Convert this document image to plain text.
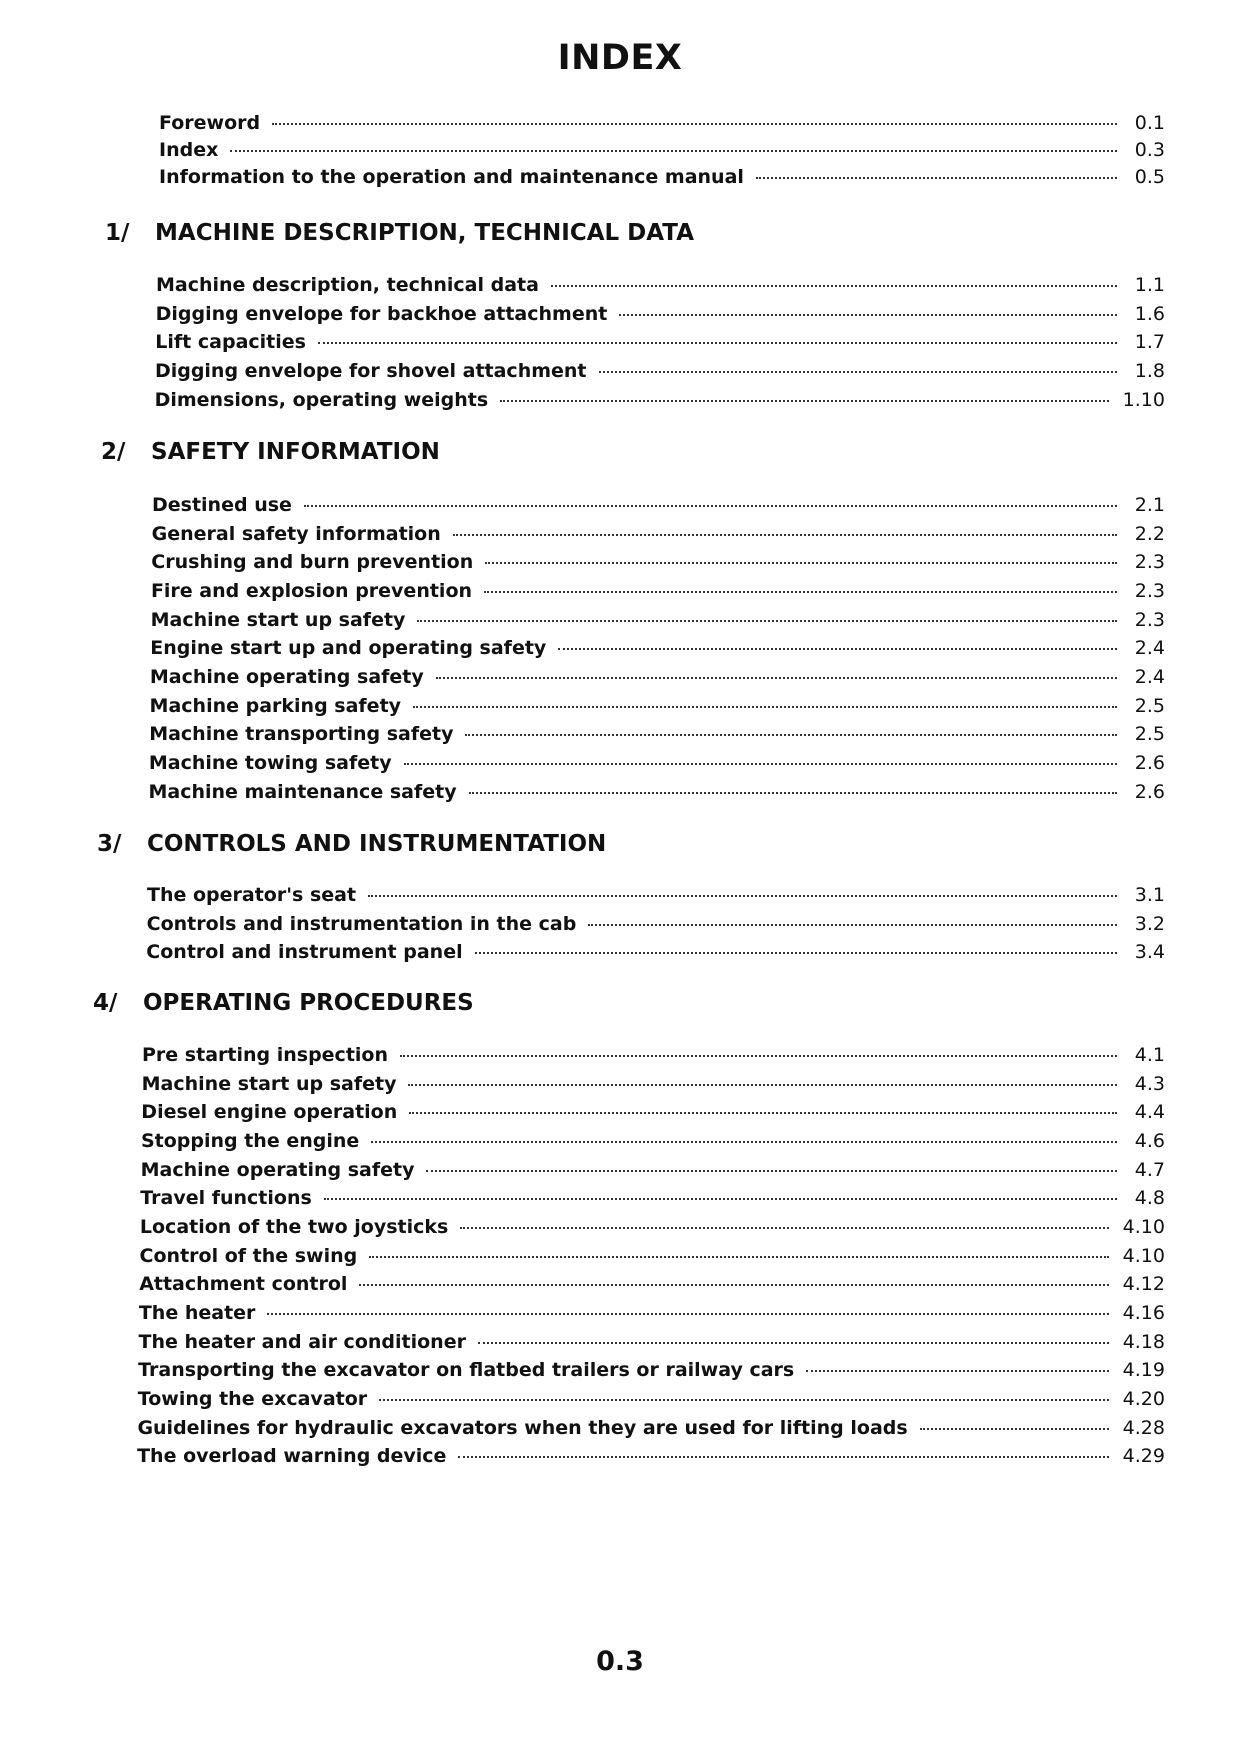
INDEX
Foreword	0.1
Index	0.3
Information to the operation and maintenance manual	0.5
1/	MACHINE DESCRIPTION, TECHNICAL DATA
Machine description, technical data	1.1
Digging envelope for backhoe attachment	1.6
Lift capacities	1.7
Digging envelope for shovel attachment	1.8
Dimensions, operating weights	1.10
2/	SAFETY INFORMATION
Destined use	2.1
General safety information	2.2
Crushing and burn prevention	2.3
Fire and explosion prevention	2.3
Machine start up safety	2.3
Engine start up and operating safety	2.4
Machine operating safety	2.4
Machine parking safety	2.5
Machine transporting safety	2.5
Machine towing safety	2.6
Machine maintenance safety	2.6
3/	CONTROLS AND INSTRUMENTATION
The operator's seat	3.1
Controls and instrumentation in the cab	3.2
Control and instrument panel	3.4
4/	OPERATING PROCEDURES
Pre starting inspection	4.1
Machine start up safety	4.3
Diesel engine operation	4.4
Stopping the engine	4.6
Machine operating safety	4.7
Travel functions	4.8
Location of the two joysticks	4.10
Control of the swing	4.10
Attachment control	4.12
The heater	4.16
The heater and air conditioner	4.18
Transporting the excavator on flatbed trailers or railway cars	4.19
Towing the excavator	4.20
Guidelines for hydraulic excavators when they are used for lifting loads	4.28
The overload warning device	4.29
0.3
